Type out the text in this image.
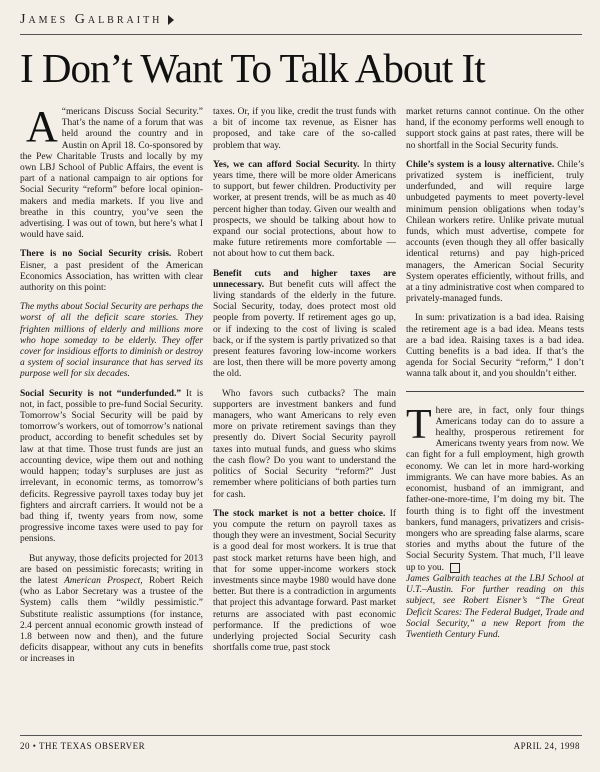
James Galbraith
I Don’t Want To Talk About It

A “mericans Discuss Social Security.” That’s the name of a forum that was held around the country and in Austin on April 18. Co-sponsored by the Pew Charitable Trusts and locally by my own LBJ School of Public Affairs, the event is part of a national campaign to air options for Social Security “reform” before local opinion-makers and media markets. If you live and breathe in this country, you’ve seen the advertising. I was out of town, but here’s what I would have said.

There is no Social Security crisis. Robert Eisner, a past president of the American Economics Association, has written with clear authority on this point:

The myths about Social Security are perhaps the worst of all the deficit scare stories. They frighten millions of elderly and millions more who hope someday to be elderly. They offer cover for insidious efforts to diminish or destroy a system of social insurance that has served its purpose well for six decades.

Social Security is not “underfunded.” It is not, in fact, possible to pre-fund Social Security. Tomorrow’s Social Security will be paid by tomorrow’s workers, out of tomorrow’s national product, according to benefit schedules set by law at that time. Those trust funds are just an accounting device, wipe them out and nothing would happen; today’s surpluses are just as irrelevant, in economic terms, as tomorrow’s deficits. Regressive payroll taxes today buy jet fighters and aircraft carriers. It would not be a bad thing if, twenty years from now, some progressive income taxes were used to pay for pensions.

But anyway, those deficits projected for 2013 are based on pessimistic forecasts; writing in the latest American Prospect, Robert Reich (who as Labor Secretary was a trustee of the System) calls them “wildly pessimistic.” Substitute realistic assumptions (for instance, 2.4 percent annual economic growth instead of 1.8 between now and then), and the future deficits disappear, without any cuts in benefits or increases in

taxes. Or, if you like, credit the trust funds with a bit of income tax revenue, as Eisner has proposed, and take care of the so-called problem that way.

Yes, we can afford Social Security. In thirty years time, there will be more older Americans to support, but fewer children. Productivity per worker, at present trends, will be as much as 40 percent higher than today. Given our wealth and prospects, we should be talking about how to expand our social protections, about how to make future retirements more comfortable — not about how to cut them back.

Benefit cuts and higher taxes are unnecessary. But benefit cuts will affect the living standards of the elderly in the future. Social Security, today, does protect most old people from poverty. If retirement ages go up, or if indexing to the cost of living is scaled back, or if the system is partly privatized so that present features favoring low-income workers are lost, then there will be more poverty among the old.

Who favors such cutbacks? The main supporters are investment bankers and fund managers, who want Americans to rely even more on private retirement savings than they presently do. Divert Social Security payroll taxes into mutual funds, and guess who skims the cash flow? Do you want to understand the politics of Social Security “reform?” Just remember where politicians of both parties turn for cash.

The stock market is not a better choice. If you compute the return on payroll taxes as though they were an investment, Social Security is a good deal for most workers. It is true that past stock market returns have been high, and that for some upper-income workers stock investments since maybe 1980 would have done better. But there is a contradiction in arguments that project this advantage forward. Past market returns are associated with past economic performance. If the predictions of woe underlying projected Social Security cash shortfalls come true, past stock

market returns cannot continue. On the other hand, if the economy performs well enough to support stock gains at past rates, there will be no shortfall in the Social Security funds.

Chile’s system is a lousy alternative. Chile’s privatized system is inefficient, truly underfunded, and will require large unbudgeted payments to meet poverty-level minimum pension obligations when today’s Chilean workers retire. Unlike private mutual funds, which must advertise, compete for accounts (even though they all offer basically identical returns) and pay high-priced managers, the American Social Security System operates efficiently, without frills, and at a tiny administrative cost when compared to privately-managed funds.

In sum: privatization is a bad idea. Raising the retirement age is a bad idea. Means tests are a bad idea. Raising taxes is a bad idea. Cutting benefits is a bad idea. If that’s the agenda for Social Security “reform,” I don’t wanna talk about it, and you shouldn’t either.

There are, in fact, only four things Americans today can do to assure a healthy, prosperous retirement for Americans twenty years from now. We can fight for a full employment, high growth economy. We can let in more hard-working immigrants. We can have more babies. As an economist, husband of an immigrant, and father-one-more-time, I’m doing my bit. The fourth thing is to fight off the investment bankers, fund managers, privatizers and crisis-mongers who are spreading false alarms, scare stories and myths about the future of the Social Security System. That much, I’ll leave up to you.

James Galbraith teaches at the LBJ School at U.T.–Austin. For further reading on this subject, see Robert Eisner’s “The Great Deficit Scares: The Federal Budget, Trade and Social Security,” a new Report from the Twentieth Century Fund.

20 • THE TEXAS OBSERVER	APRIL 24, 1998
